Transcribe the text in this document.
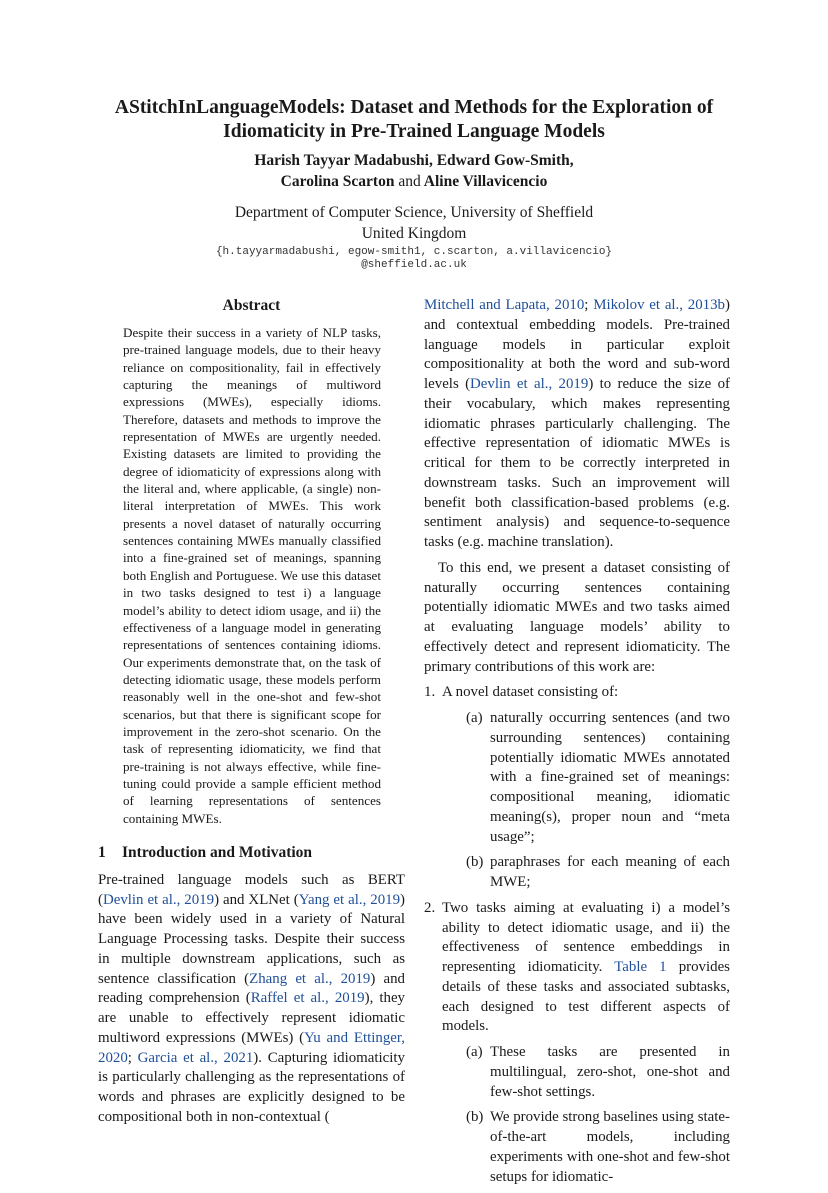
AStitchInLanguageModels: Dataset and Methods for the Exploration of Idiomaticity in Pre-Trained Language Models
Harish Tayyar Madabushi, Edward Gow-Smith,
Carolina Scarton and Aline Villavicencio
Department of Computer Science, University of Sheffield
United Kingdom
{h.tayyarmadabushi, egow-smith1, c.scarton, a.villavicencio}
@sheffield.ac.uk
Abstract

Despite their success in a variety of NLP tasks, pre-trained language models, due to their heavy reliance on compositionality, fail in effectively capturing the meanings of multiword expressions (MWEs), especially idioms. Therefore, datasets and methods to improve the representation of MWEs are urgently needed. Existing datasets are limited to providing the degree of idiomaticity of expressions along with the literal and, where applicable, (a single) non-literal interpretation of MWEs. This work presents a novel dataset of naturally occurring sentences containing MWEs manually classified into a fine-grained set of meanings, spanning both English and Portuguese. We use this dataset in two tasks designed to test i) a language model’s ability to detect idiom usage, and ii) the effectiveness of a language model in generating representations of sentences containing idioms. Our experiments demonstrate that, on the task of detecting idiomatic usage, these models perform reasonably well in the one-shot and few-shot scenarios, but that there is significant scope for improvement in the zero-shot scenario. On the task of representing idiomaticity, we find that pre-training is not always effective, while fine-tuning could provide a sample efficient method of learning representations of sentences containing MWEs.

1 Introduction and Motivation

Pre-trained language models such as BERT (Devlin et al., 2019) and XLNet (Yang et al., 2019) have been widely used in a variety of Natural Language Processing tasks. Despite their success in multiple downstream applications, such as sentence classification (Zhang et al., 2019) and reading comprehension (Raffel et al., 2019), they are unable to effectively represent idiomatic multiword expressions (MWEs) (Yu and Ettinger, 2020; Garcia et al., 2021). Capturing idiomaticity is particularly challenging as the representations of words and phrases are explicitly designed to be compositional both in non-contextual (

Mitchell and Lapata, 2010; Mikolov et al., 2013b) and contextual embedding models. Pre-trained language models in particular exploit compositionality at both the word and sub-word levels (Devlin et al., 2019) to reduce the size of their vocabulary, which makes representing idiomatic phrases particularly challenging. The effective representation of idiomatic MWEs is critical for them to be correctly interpreted in downstream tasks. Such an improvement will benefit both classification-based problems (e.g. sentiment analysis) and sequence-to-sequence tasks (e.g. machine translation).

To this end, we present a dataset consisting of naturally occurring sentences containing potentially idiomatic MWEs and two tasks aimed at evaluating language models’ ability to effectively detect and represent idiomaticity. The primary contributions of this work are:

1. A novel dataset consisting of:
(a) naturally occurring sentences (and two surrounding sentences) containing potentially idiomatic MWEs annotated with a fine-grained set of meanings: compositional meaning, idiomatic meaning(s), proper noun and “meta usage”;
(b) paraphrases for each meaning of each MWE;
2. Two tasks aiming at evaluating i) a model’s ability to detect idiomatic usage, and ii) the effectiveness of sentence embeddings in representing idiomaticity. Table 1 provides details of these tasks and associated subtasks, each designed to test different aspects of models.
(a) These tasks are presented in multilingual, zero-shot, one-shot and few-shot settings.
(b) We provide strong baselines using state-of-the-art models, including experiments with one-shot and few-shot setups for idiomatic-
